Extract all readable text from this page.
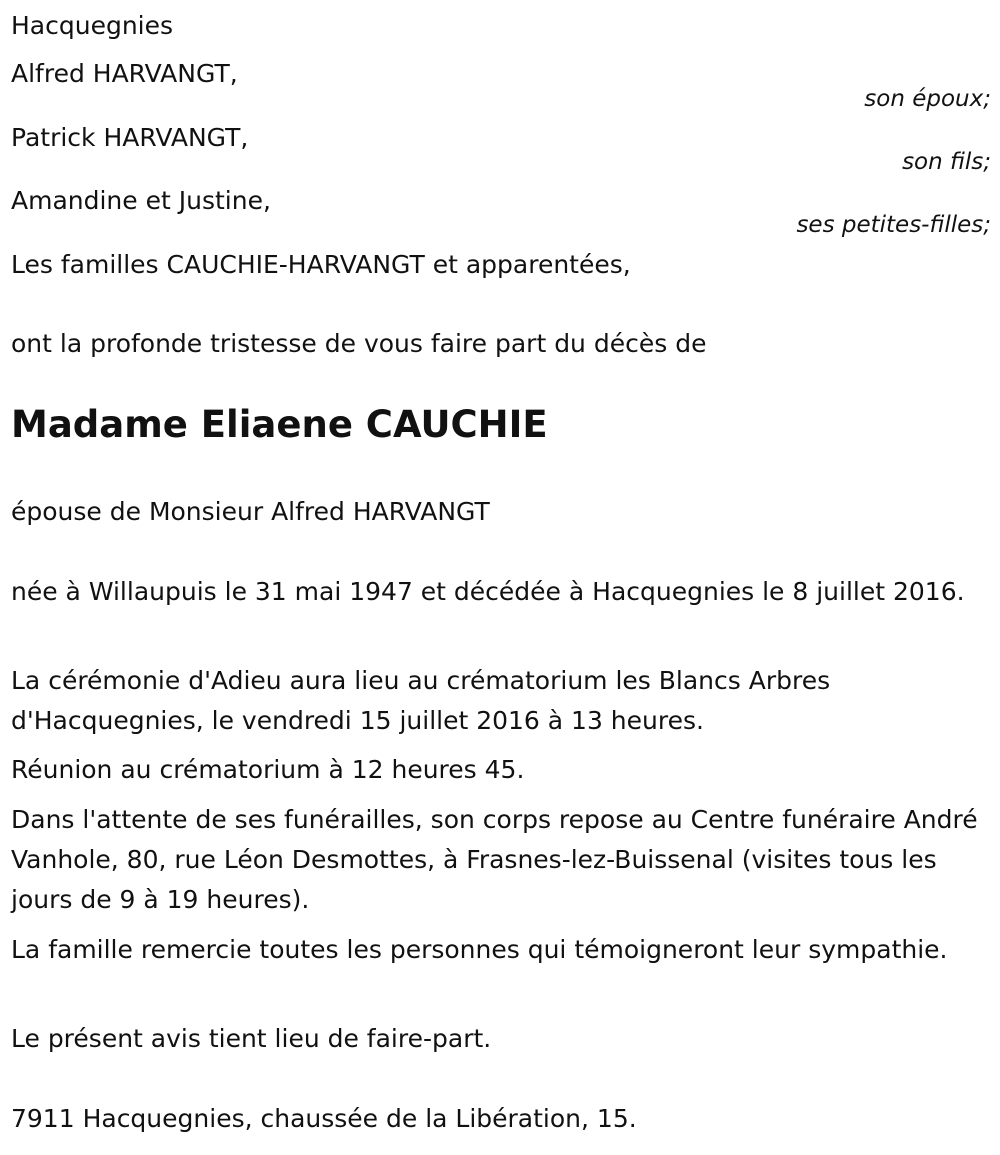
Hacquegnies
Alfred HARVANGT,
son époux;
Patrick HARVANGT,
son fils;
Amandine et Justine,
ses petites-filles;
Les familles CAUCHIE-HARVANGT et apparentées,
ont la profonde tristesse de vous faire part du décès de
Madame Eliaene CAUCHIE
épouse de Monsieur Alfred HARVANGT
née à Willaupuis le 31 mai 1947 et décédée à Hacquegnies le 8 juillet 2016.
La cérémonie d'Adieu aura lieu au crématorium les Blancs Arbres d'Hacquegnies, le vendredi 15 juillet 2016 à 13 heures.
Réunion au crématorium à 12 heures 45.
Dans l'attente de ses funérailles, son corps repose au Centre funéraire André Vanhole, 80, rue Léon Desmottes, à Frasnes-lez-Buissenal (visites tous les jours de 9 à 19 heures).
La famille remercie toutes les personnes qui témoigneront leur sympathie.
Le présent avis tient lieu de faire-part.
7911 Hacquegnies, chaussée de la Libération, 15.
